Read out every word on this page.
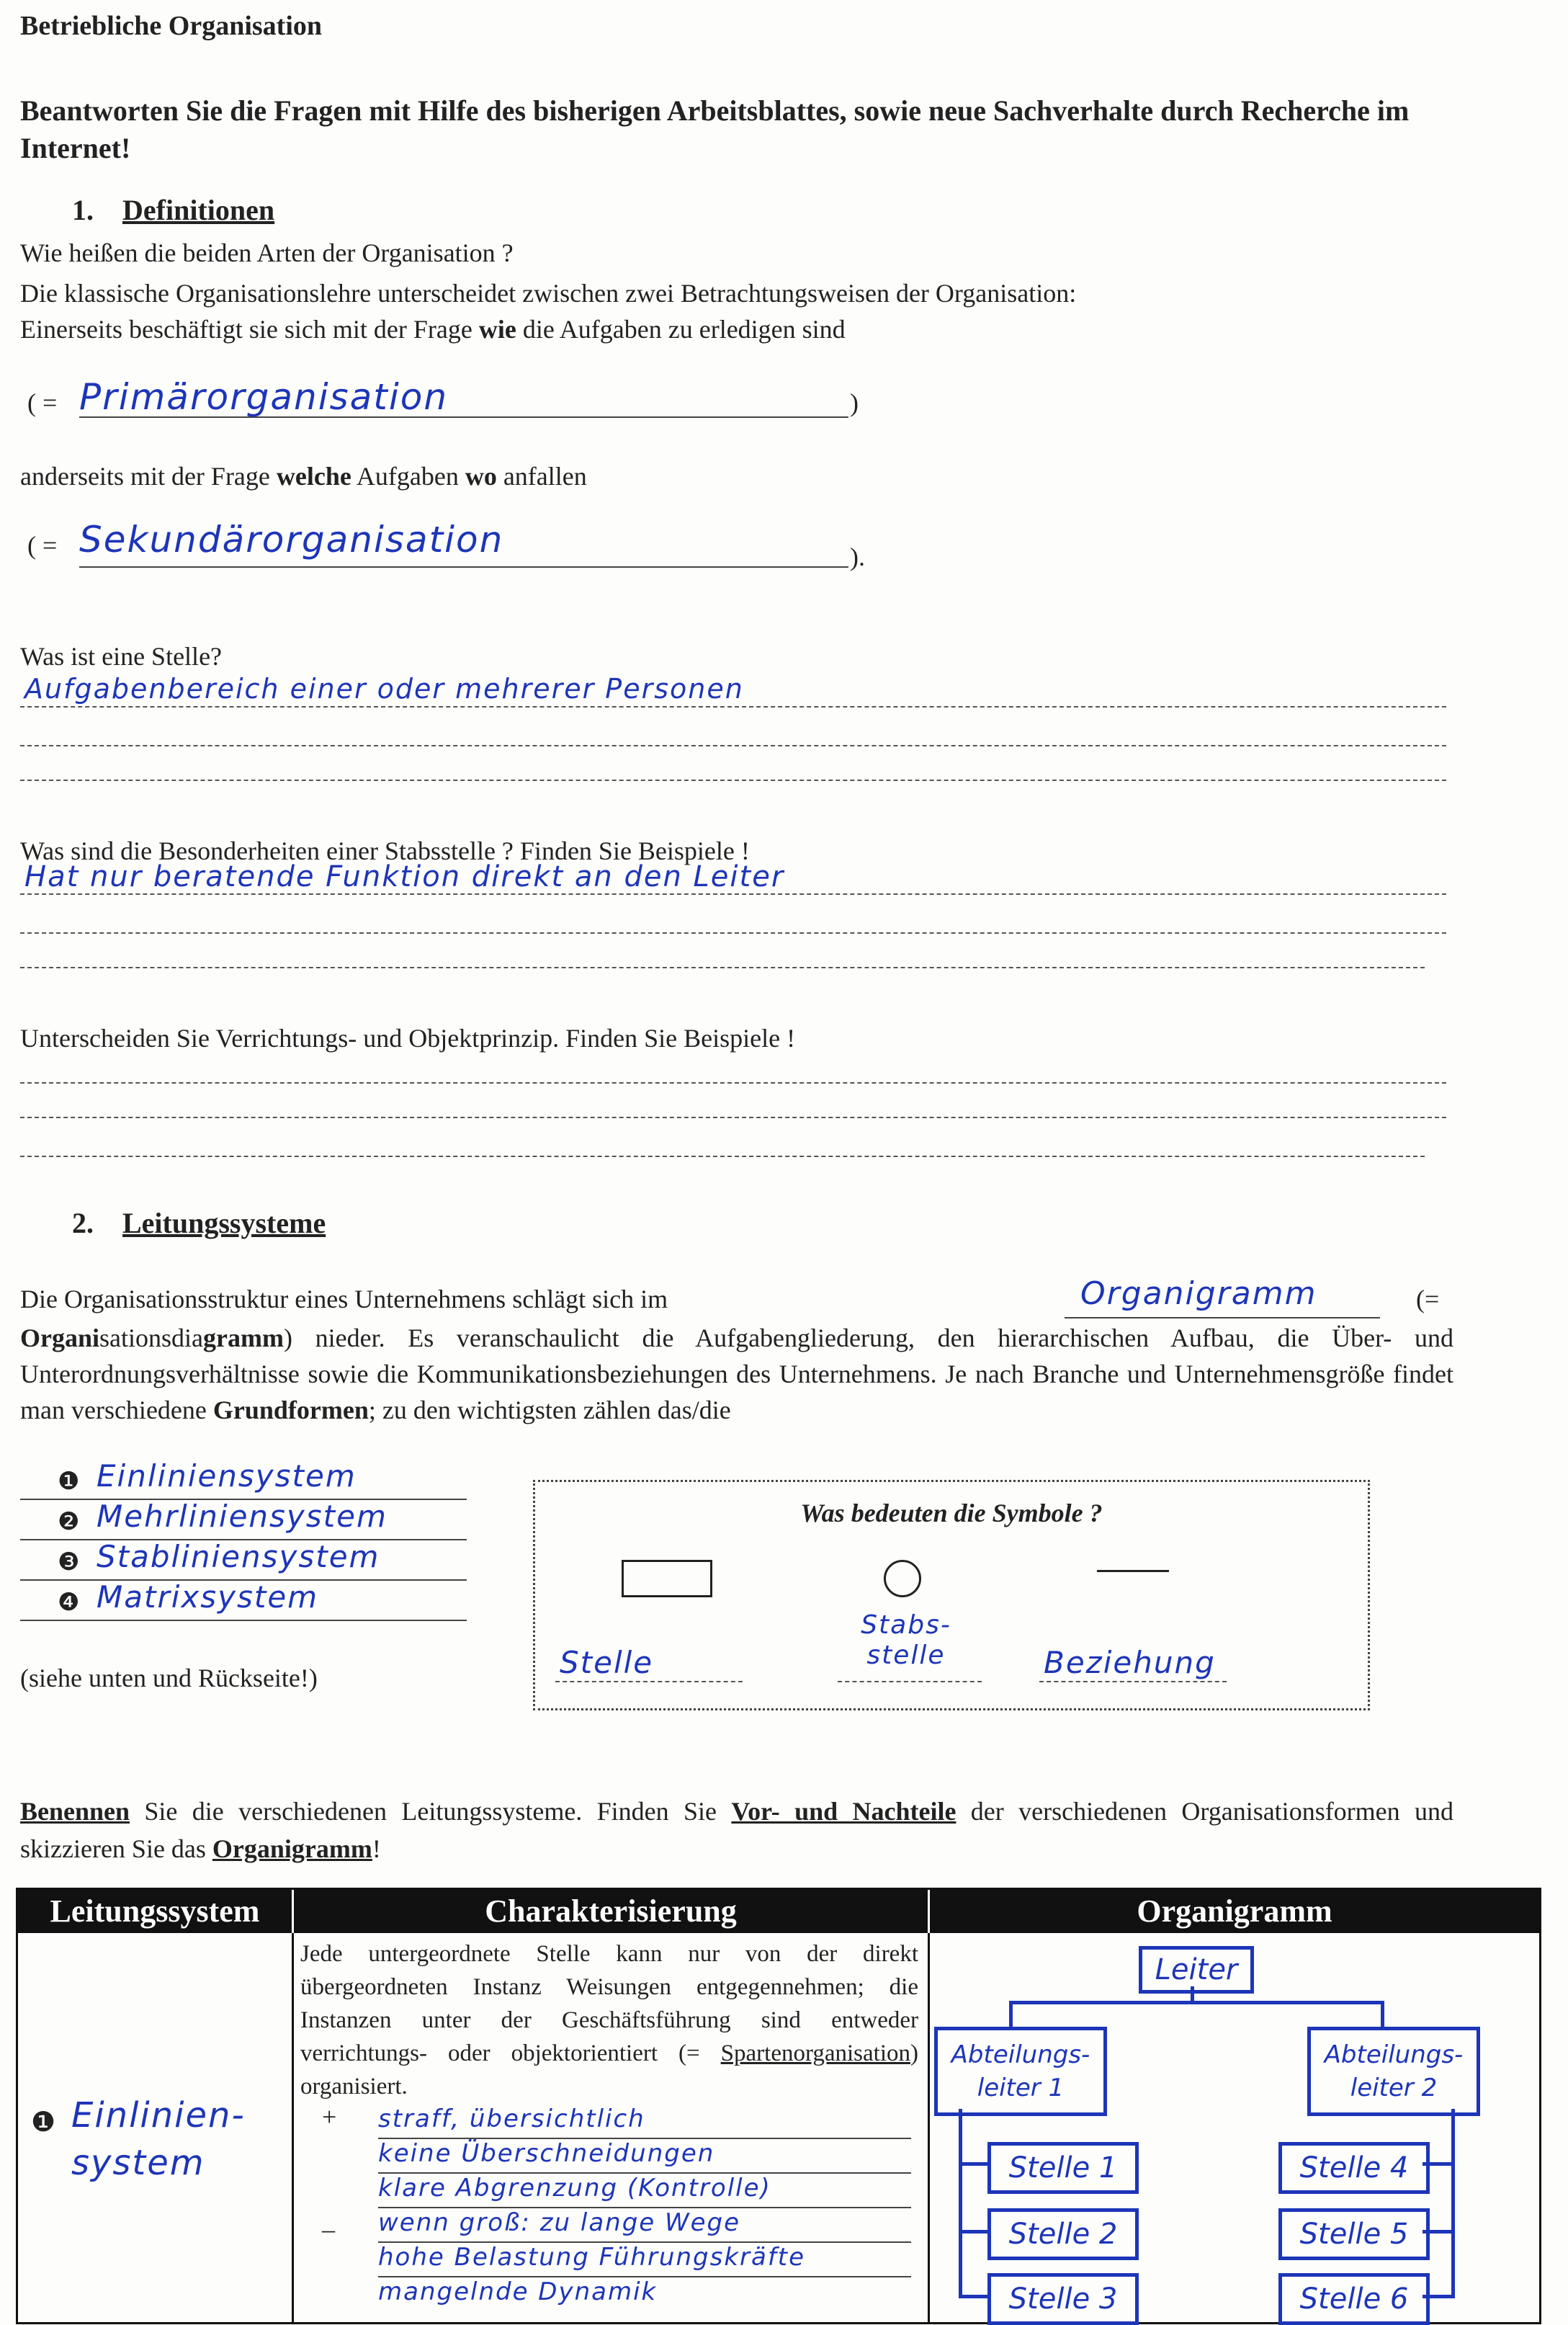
Betriebliche Organisation
Beantworten Sie die Fragen mit Hilfe des bisherigen Arbeitsblattes, sowie neue Sachverhalte durch Recherche im Internet!
1. Definitionen
Wie heißen die beiden Arten der Organisation ?
Die klassische Organisationslehre unterscheidet zwischen zwei Betrachtungsweisen der Organisation:
Einerseits beschäftigt sie sich mit der Frage wie die Aufgaben zu erledigen sind
( = Primärorganisation	)
anderseits mit der Frage welche Aufgaben wo anfallen
( = Sekundärorganisation	).
Was ist eine Stelle?
Aufgabenbereich einer oder mehrerer Personen
Was sind die Besonderheiten einer Stabsstelle ? Finden Sie Beispiele !
Hat nur beratende Funktion direkt an den Leiter
Unterscheiden Sie Verrichtungs- und Objektprinzip. Finden Sie Beispiele !
2. Leitungssysteme
Die Organisationsstruktur eines Unternehmens schlägt sich im	Organigramm	(=
Organisationsdiagramm) nieder. Es veranschaulicht die Aufgabengliederung, den hierarchischen Aufbau, die Über- und Unterordnungsverhältnisse sowie die Kommunikationsbeziehungen des Unternehmens. Je nach Branche und Unternehmensgröße findet man verschiedene Grundformen; zu den wichtigsten zählen das/die
❶ Einliniensystem
❷ Mehrliniensystem
❸ Stabliniensystem
❹ Matrixsystem
(siehe unten und Rückseite!)
Was bedeuten die Symbole ?
Stelle
Stabs- stelle	Beziehung
Benennen Sie die verschiedenen Leitungssysteme. Finden Sie Vor- und Nachteile der verschiedenen Organisationsformen und skizzieren Sie das Organigramm!
Leitungssystem	Charakterisierung	Organigramm
❶ Einlinien- system
Jede untergeordnete Stelle kann nur von der direkt übergeordneten Instanz Weisungen entgegennehmen; die Instanzen unter der Geschäftsführung sind entweder verrichtungs- oder objektorientiert (= Spartenorganisation) organisiert.
+
–
straff, übersichtlich
keine Überschneidungen
klare Abgrenzung (Kontrolle)
wenn groß: zu lange Wege
hohe Belastung Führungskräfte
mangelnde Dynamik
Leiter
Abteilungs- leiter 1
Abteilungs- leiter 2
Stelle 1
Stelle 2
Stelle 3
Stelle 4
Stelle 5
Stelle 6
